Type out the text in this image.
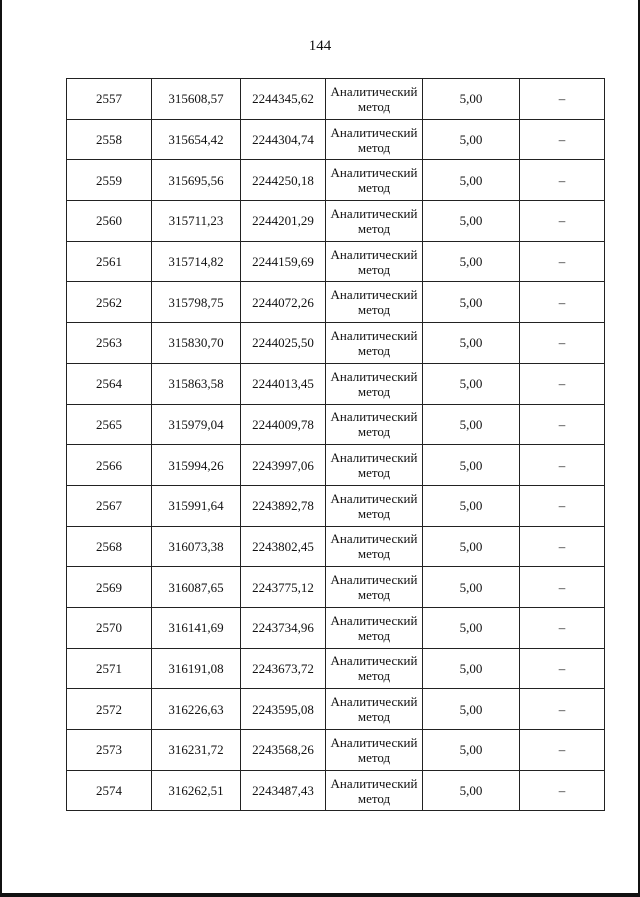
144
2557	315608,57	2244345,62	Аналитический метод	5,00	–
2558	315654,42	2244304,74	Аналитический метод	5,00	–
2559	315695,56	2244250,18	Аналитический метод	5,00	–
2560	315711,23	2244201,29	Аналитический метод	5,00	–
2561	315714,82	2244159,69	Аналитический метод	5,00	–
2562	315798,75	2244072,26	Аналитический метод	5,00	–
2563	315830,70	2244025,50	Аналитический метод	5,00	–
2564	315863,58	2244013,45	Аналитический метод	5,00	–
2565	315979,04	2244009,78	Аналитический метод	5,00	–
2566	315994,26	2243997,06	Аналитический метод	5,00	–
2567	315991,64	2243892,78	Аналитический метод	5,00	–
2568	316073,38	2243802,45	Аналитический метод	5,00	–
2569	316087,65	2243775,12	Аналитический метод	5,00	–
2570	316141,69	2243734,96	Аналитический метод	5,00	–
2571	316191,08	2243673,72	Аналитический метод	5,00	–
2572	316226,63	2243595,08	Аналитический метод	5,00	–
2573	316231,72	2243568,26	Аналитический метод	5,00	–
2574	316262,51	2243487,43	Аналитический метод	5,00	–
